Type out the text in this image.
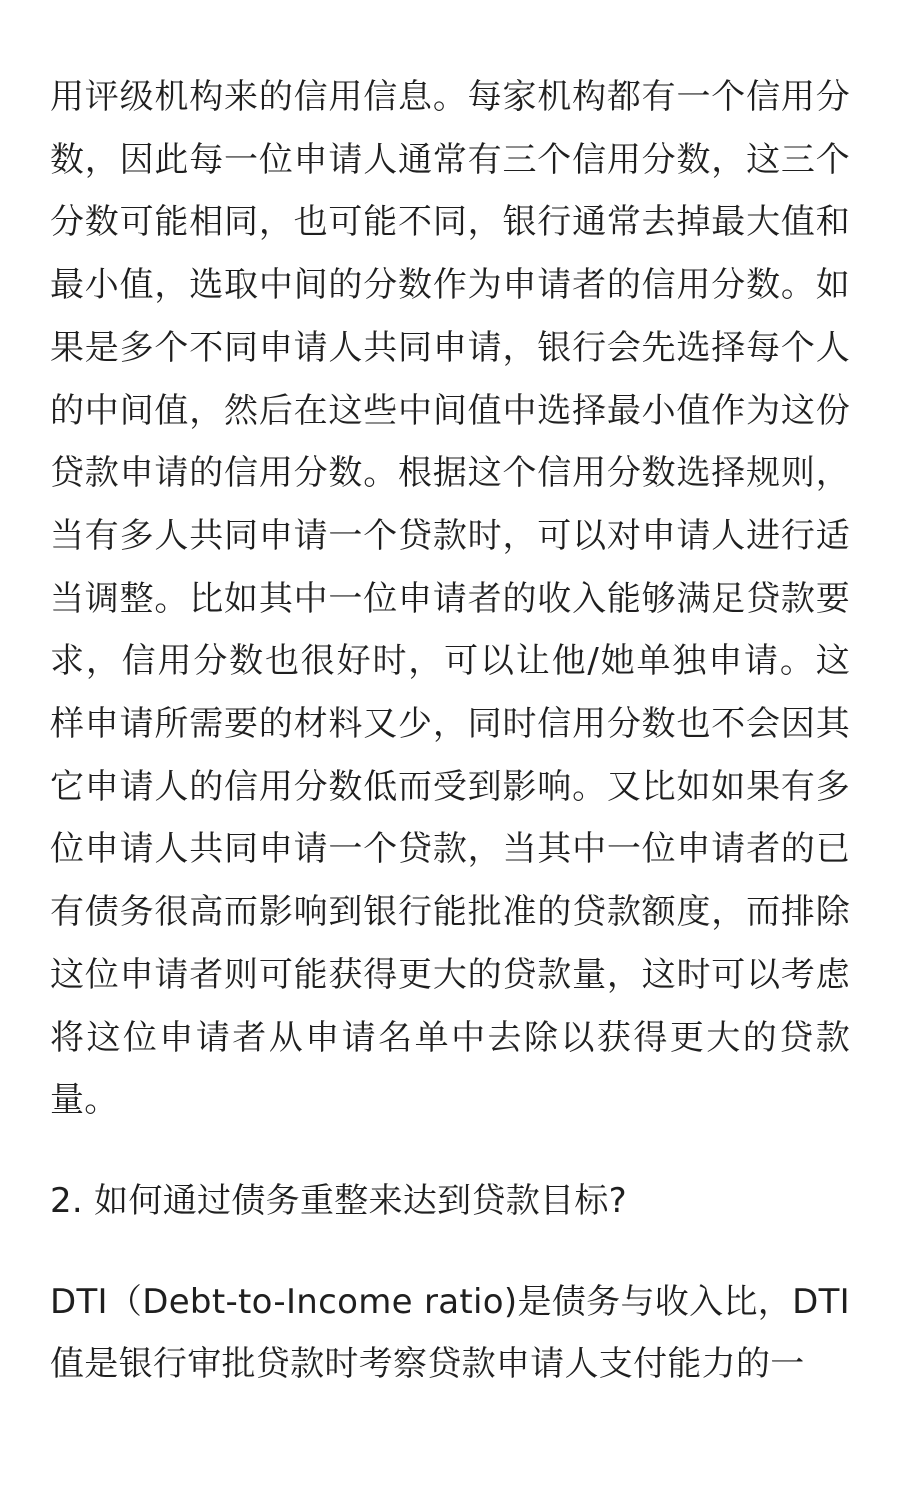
用评级机构来的信用信息。每家机构都有一个信用分数，因此每一位申请人通常有三个信用分数，这三个分数可能相同，也可能不同，银行通常去掉最大值和最小值，选取中间的分数作为申请者的信用分数。如果是多个不同申请人共同申请，银行会先选择每个人的中间值，然后在这些中间值中选择最小值作为这份贷款申请的信用分数。根据这个信用分数选择规则，当有多人共同申请一个贷款时，可以对申请人进行适当调整。比如其中一位申请者的收入能够满足贷款要求，信用分数也很好时，可以让他/她单独申请。这样申请所需要的材料又少，同时信用分数也不会因其它申请人的信用分数低而受到影响。又比如如果有多位申请人共同申请一个贷款，当其中一位申请者的已有债务很高而影响到银行能批准的贷款额度，而排除这位申请者则可能获得更大的贷款量，这时可以考虑将这位申请者从申请名单中去除以获得更大的贷款量。

2. 如何通过债务重整来达到贷款目标?

DTI（Debt-to-Income ratio)是债务与收入比，DTI值是银行审批贷款时考察贷款申请人支付能力的一
